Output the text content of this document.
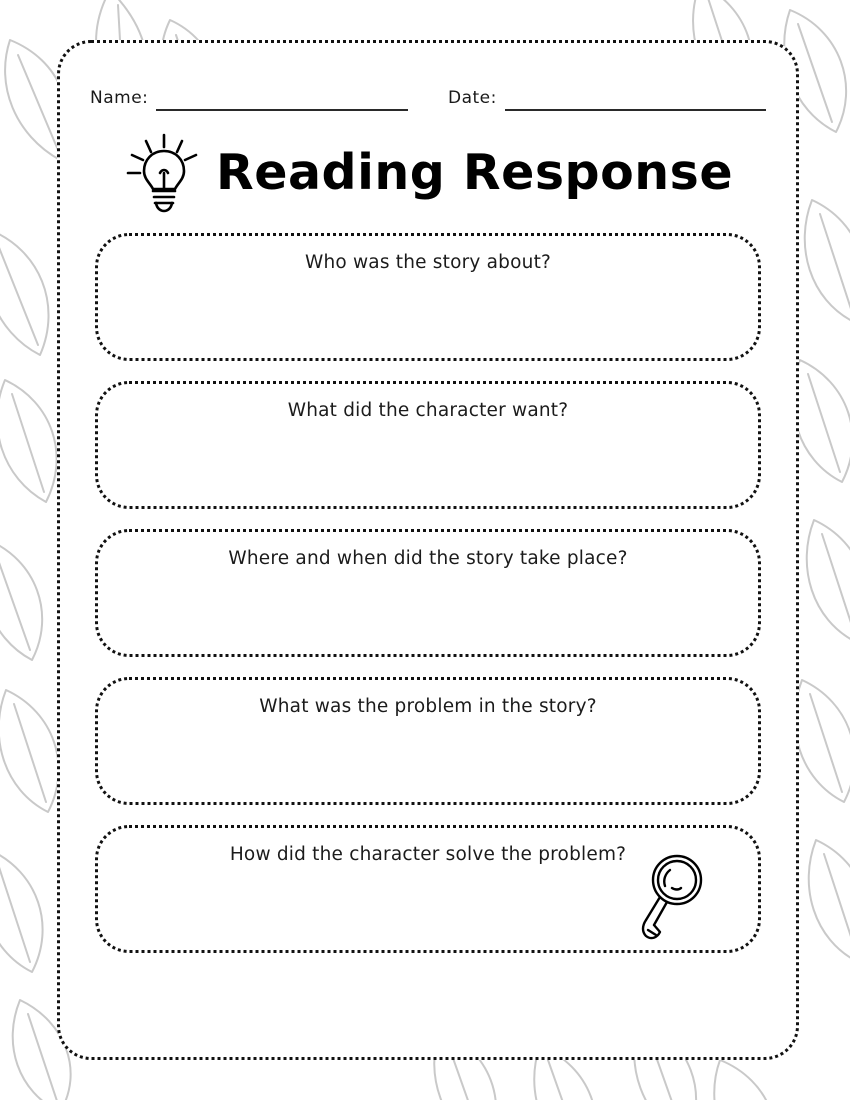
Name:	Date:
Reading Response
Who was the story about?
What did the character want?
Where and when did the story take place?
What was the problem in the story?
How did the character solve the problem?
